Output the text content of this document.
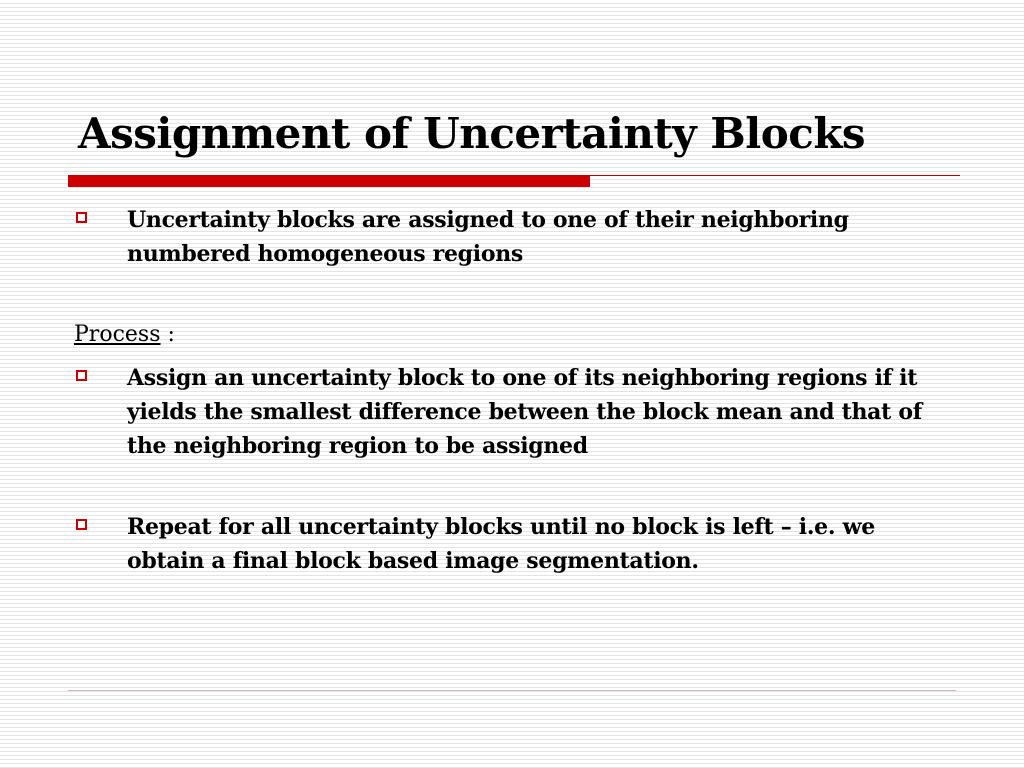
Assignment of Uncertainty Blocks

Uncertainty blocks are assigned to one of their neighboring numbered homogeneous regions

Process :

Assign an uncertainty block to one of its neighboring regions if it yields the smallest difference between the block mean and that of the neighboring region to be assigned

Repeat for all uncertainty blocks until no block is left – i.e. we obtain a final block based image segmentation.
